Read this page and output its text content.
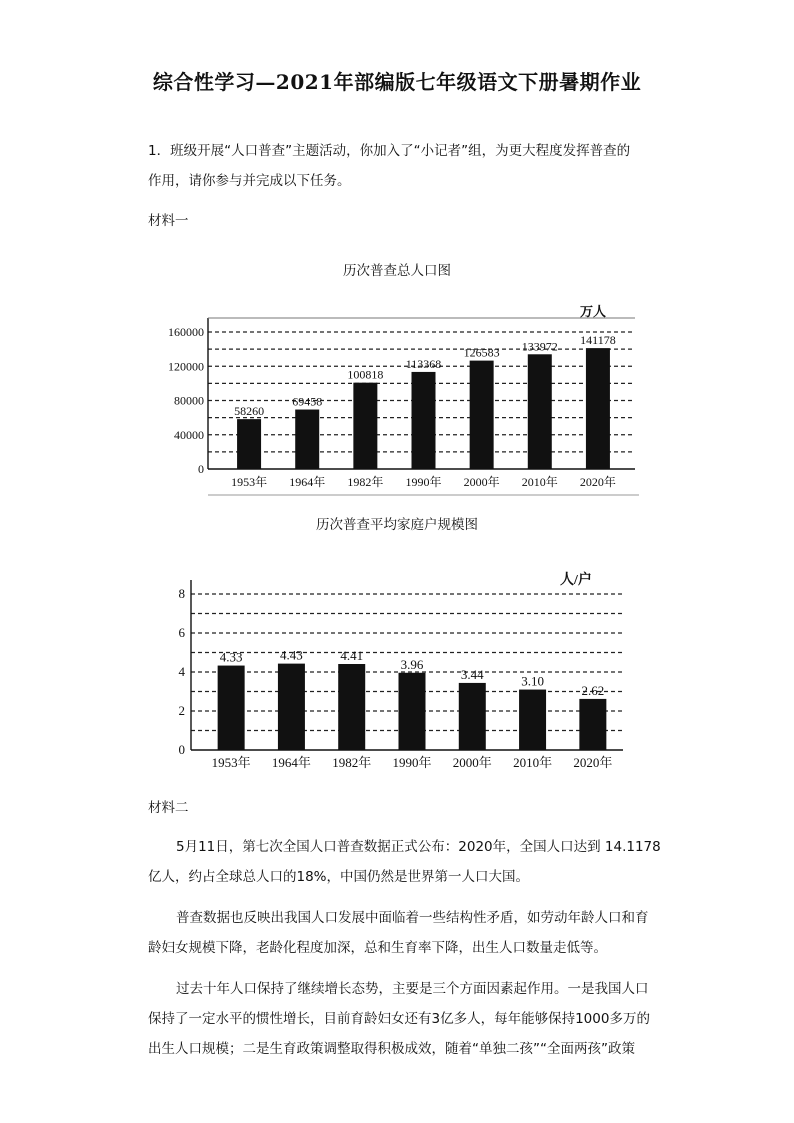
综合性学习—2021年部编版七年级语文下册暑期作业
1．班级开展“人口普查”主题活动，你加入了“小记者”组，为更大程度发挥普查的
作用，请你参与并完成以下任务。
材料一
历次普查总人口图
0
40000
80000
120000
160000
万人
58260
1953年
69458
1964年
100818
1982年
113368
1990年
126583
2000年
133972
2010年
141178
2020年
历次普查平均家庭户规模图
0
2
4
6
8
人/户
4.33
1953年
4.43
1964年
4.41
1982年
3.96
1990年
3.44
2000年
3.10
2010年
2.62
2020年
材料二
5月11日，第七次全国人口普查数据正式公布：2020年，全国人口达到 14.1178
亿人，约占全球总人口的18%，中国仍然是世界第一人口大国。
普查数据也反映出我国人口发展中面临着一些结构性矛盾，如劳动年龄人口和育
龄妇女规模下降，老龄化程度加深，总和生育率下降，出生人口数量走低等。
过去十年人口保持了继续增长态势，主要是三个方面因素起作用。一是我国人口
保持了一定水平的惯性增长，目前育龄妇女还有3亿多人，每年能够保持1000多万的
出生人口规模；二是生育政策调整取得积极成效，随着“单独二孩”“全面两孩”政策
